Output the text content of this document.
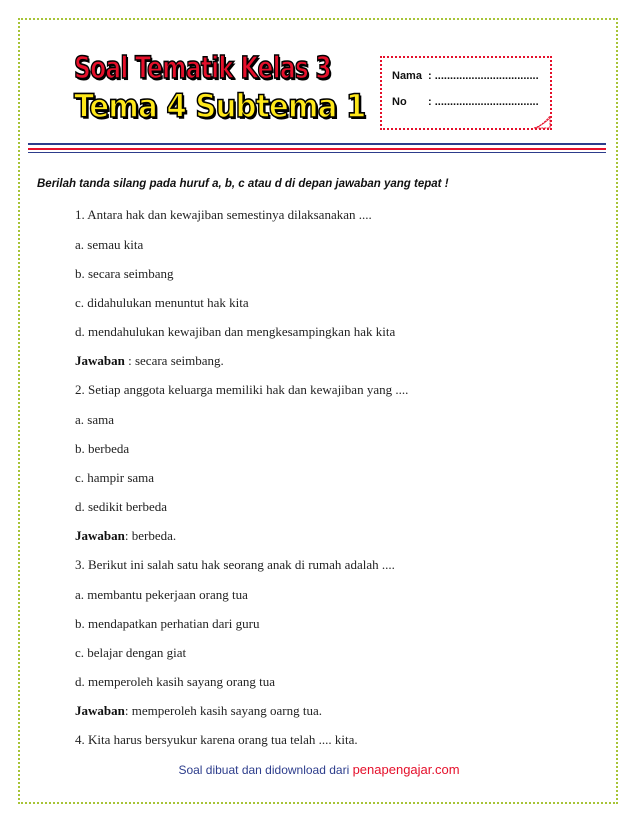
Soal Tematik Kelas 3
Tema 4 Subtema 1
Nama : ..................................
No : ..................................
Berilah tanda silang pada huruf a, b, c atau d di depan jawaban yang tepat !
1. Antara hak dan kewajiban semestinya dilaksanakan ....
a. semau kita
b. secara seimbang
c. didahulukan menuntut hak kita
d. mendahulukan kewajiban dan mengkesampingkan hak kita
Jawaban : secara seimbang.
2. Setiap anggota keluarga memiliki hak dan kewajiban yang ....
a. sama
b. berbeda
c. hampir sama
d. sedikit berbeda
Jawaban: berbeda.
3. Berikut ini salah satu hak seorang anak di rumah adalah ....
a. membantu pekerjaan orang tua
b. mendapatkan perhatian dari guru
c. belajar dengan giat
d. memperoleh kasih sayang orang tua
Jawaban: memperoleh kasih sayang oarng tua.
4. Kita harus bersyukur karena orang tua telah .... kita.
Soal dibuat dan didownload dari penapengajar.com
